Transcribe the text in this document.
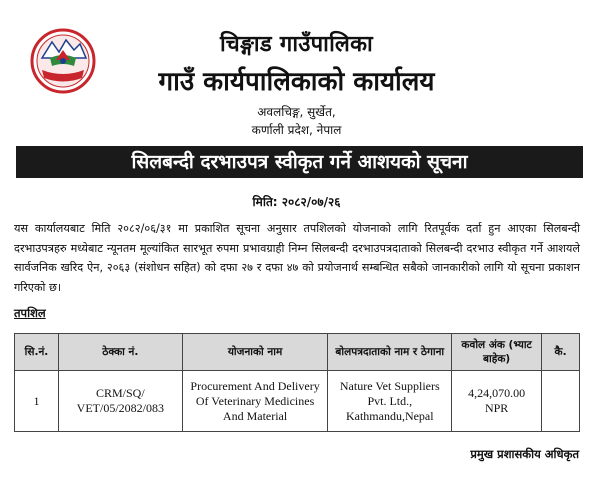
चिङ्गाड गाउँपालिका
गाउँ कार्यपालिकाको कार्यालय
अवलचिङ्ग, सुर्खेत,
कर्णाली प्रदेश, नेपाल
सिलबन्दी दरभाउपत्र स्वीकृत गर्ने आशयको सूचना
मिति: २०८२/०७/२६
यस कार्यालयबाट मिति २०८२/०६/३१ मा प्रकाशित सूचना अनुसार तपशिलको योजनाको लागि रितपूर्वक दर्ता हुन आएका सिलबन्दी दरभाउपत्रहरु मध्येबाट न्यूनतम मूल्यांकित सारभूत रुपमा प्रभावग्राही निम्न सिलबन्दी दरभाउपत्रदाताको सिलबन्दी दरभाउ स्वीकृत गर्ने आशयले सार्वजनिक खरिद ऐन, २०६३ (संशोधन सहित) को दफा २७ र दफा ४७ को प्रयोजनार्थ सम्बन्धित सबैको जानकारीको लागि यो सूचना प्रकाशन गरिएको छ।
तपशिल
सि.नं.	ठेक्का नं.	योजनाको नाम	बोलपत्रदाताको नाम र ठेगाना	कवोल अंक (भ्याट बाहेक)	कै.
1	CRM/SQ/ VET/05/2082/083	Procurement And Delivery Of Veterinary Medicines And Material	Nature Vet Suppliers Pvt. Ltd., Kathmandu,Nepal	4,24,070.00 NPR	
प्रमुख प्रशासकीय अधिकृत
